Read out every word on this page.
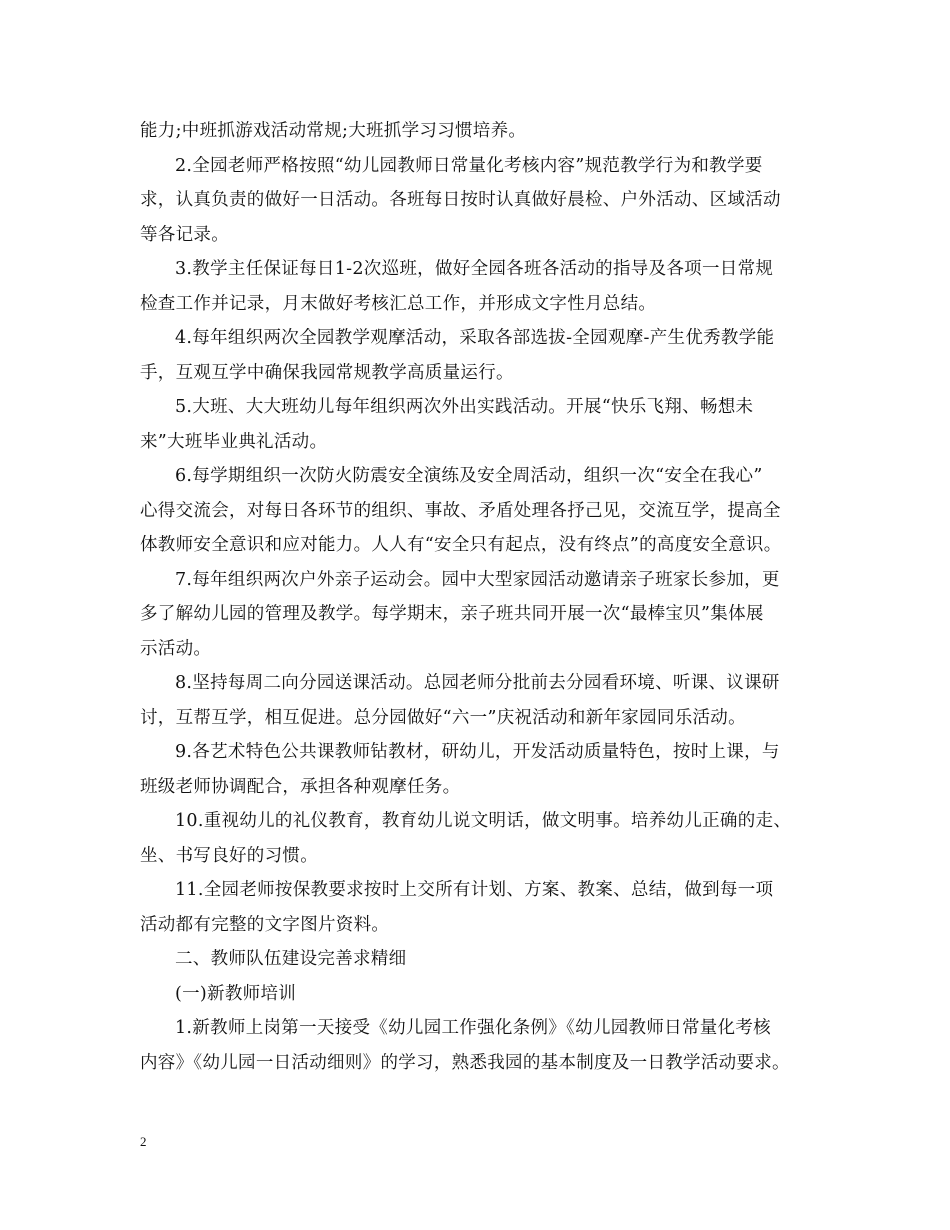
能力;中班抓游戏活动常规;大班抓学习习惯培养。
2.全园老师严格按照“幼儿园教师日常量化考核内容”规范教学行为和教学要
求，认真负责的做好一日活动。各班每日按时认真做好晨检、户外活动、区域活动
等各记录。
3.教学主任保证每日1-2次巡班，做好全园各班各活动的指导及各项一日常规
检查工作并记录，月末做好考核汇总工作，并形成文字性月总结。
4.每年组织两次全园教学观摩活动，采取各部选拔-全园观摩-产生优秀教学能
手，互观互学中确保我园常规教学高质量运行。
5.大班、大大班幼儿每年组织两次外出实践活动。开展“快乐飞翔、畅想未
来”大班毕业典礼活动。
6.每学期组织一次防火防震安全演练及安全周活动，组织一次“安全在我心”
心得交流会，对每日各环节的组织、事故、矛盾处理各抒己见，交流互学，提高全
体教师安全意识和应对能力。人人有“安全只有起点，没有终点”的高度安全意识。
7.每年组织两次户外亲子运动会。园中大型家园活动邀请亲子班家长参加，更
多了解幼儿园的管理及教学。每学期末，亲子班共同开展一次“最棒宝贝”集体展
示活动。
8.坚持每周二向分园送课活动。总园老师分批前去分园看环境、听课、议课研
讨，互帮互学，相互促进。总分园做好“六一”庆祝活动和新年家园同乐活动。
9.各艺术特色公共课教师钻教材，研幼儿，开发活动质量特色，按时上课，与
班级老师协调配合，承担各种观摩任务。
10.重视幼儿的礼仪教育，教育幼儿说文明话，做文明事。培养幼儿正确的走、
坐、书写良好的习惯。
11.全园老师按保教要求按时上交所有计划、方案、教案、总结，做到每一项
活动都有完整的文字图片资料。
二、教师队伍建设完善求精细
(一)新教师培训
1.新教师上岗第一天接受《幼儿园工作强化条例》《幼儿园教师日常量化考核
内容》《幼儿园一日活动细则》的学习，熟悉我园的基本制度及一日教学活动要求。
2
